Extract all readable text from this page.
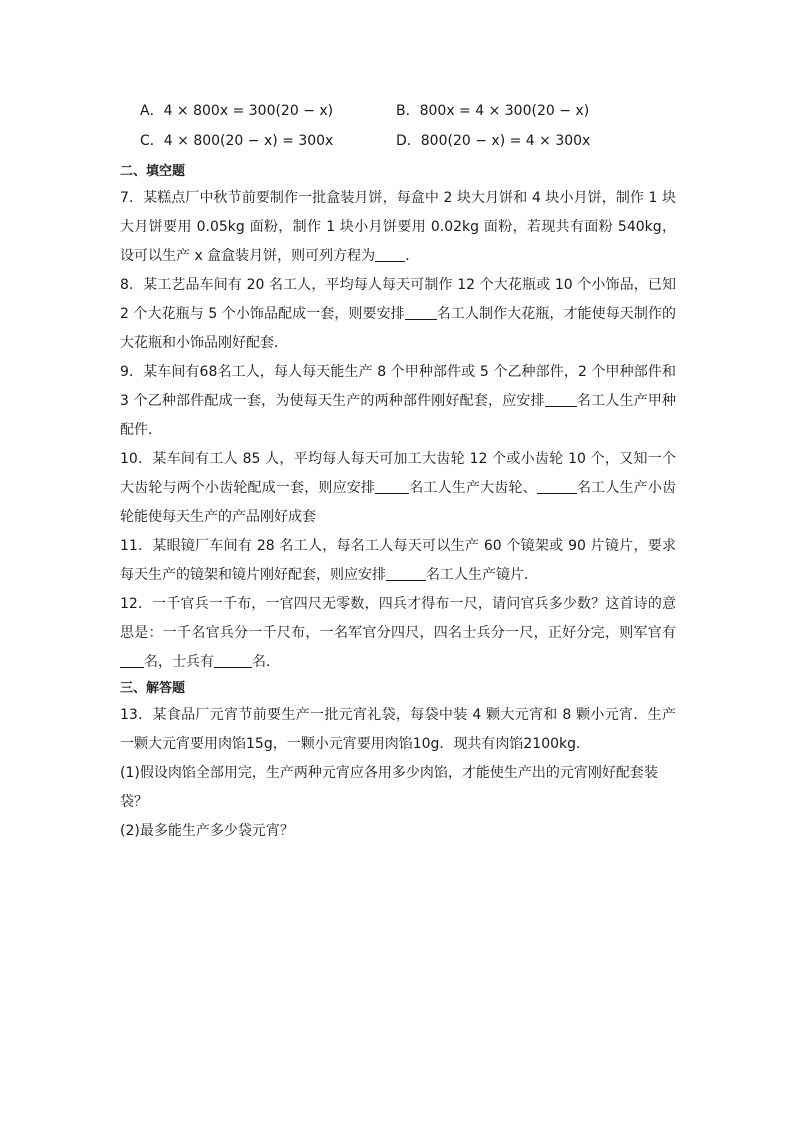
A．4 × 800x = 300(20 − x)	B．800x = 4 × 300(20 − x)
C．4 × 800(20 − x) = 300x	D．800(20 − x) = 4 × 300x
二、填空题

7．某糕点厂中秋节前要制作一批盒装月饼，每盒中 2 块大月饼和 4 块小月饼，制作 1 块大月饼要用 0.05kg 面粉，制作 1 块小月饼要用 0.02kg 面粉，若现共有面粉 540kg，设可以生产 x 盒盒装月饼，则可列方程为 ．

8．某工艺品车间有 20 名工人，平均每人每天可制作 12 个大花瓶或 10 个小饰品，已知 2 个大花瓶与 5 个小饰品配成一套，则要安排 名工人制作大花瓶，才能使每天制作的大花瓶和小饰品刚好配套．

9．某车间有68名工人，每人每天能生产 8 个甲种部件或 5 个乙种部件，2 个甲种部件和 3 个乙种部件配成一套，为使每天生产的两种部件刚好配套，应安排 名工人生产甲种配件．

10．某车间有工人 85 人，平均每人每天可加工大齿轮 12 个或小齿轮 10 个，又知一个大齿轮与两个小齿轮配成一套，则应安排 名工人生产大齿轮、	名工人生产小齿轮能使每天生产的产品刚好成套

11．某眼镜厂车间有 28 名工人，每名工人每天可以生产 60 个镜架或 90 片镜片，要求每天生产的镜架和镜片刚好配套，则应安排	名工人生产镜片．

12．一千官兵一千布，一官四尺无零数，四兵才得布一尺，请问官兵多少数？这首诗的意思是：一千名官兵分一千尺布，一名军官分四尺，四名士兵分一尺，正好分完，则军官有名，士兵有	名．

三、解答题

13．某食品厂元宵节前要生产一批元宵礼袋，每袋中装 4 颗大元宵和 8 颗小元宵．生产一颗大元宵要用肉馅15g，一颗小元宵要用肉馅10g．现共有肉馅2100kg．

(1)假设肉馅全部用完，生产两种元宵应各用多少肉馅，才能使生产出的元宵刚好配套装袋？

(2)最多能生产多少袋元宵？
